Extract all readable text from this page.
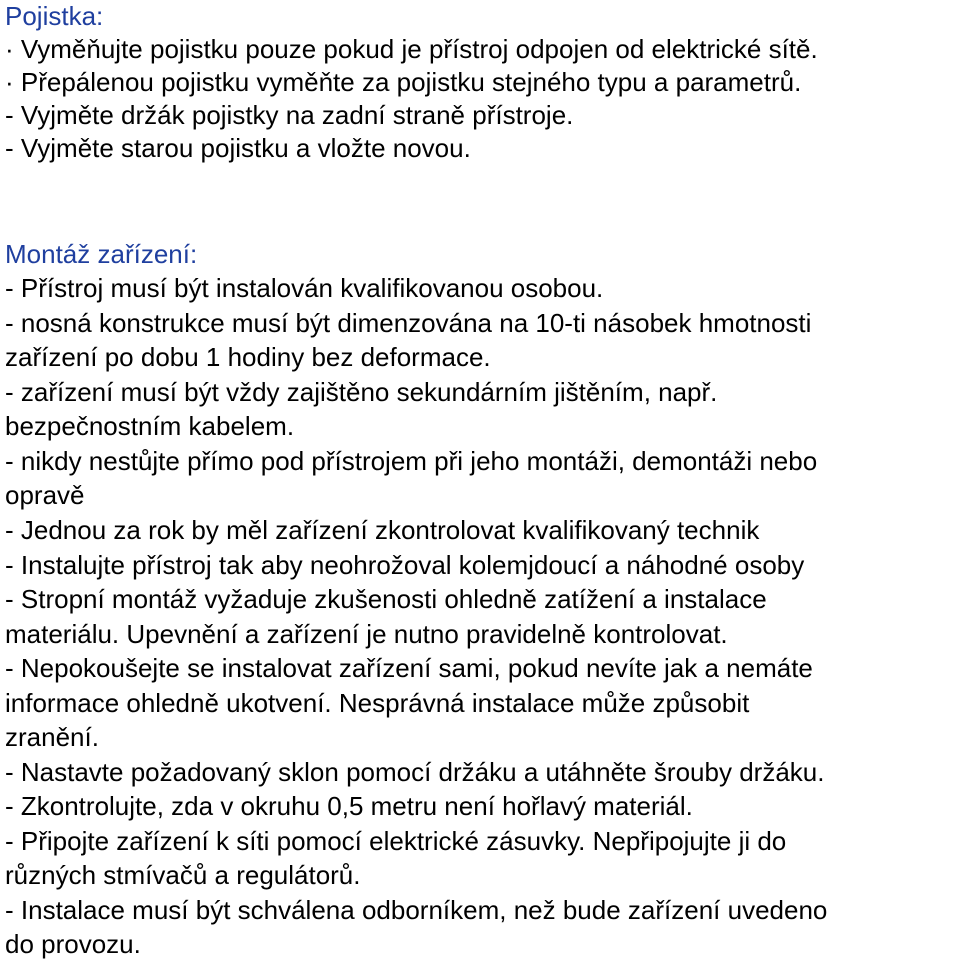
Pojistka:
· Vyměňujte pojistku pouze pokud je přístroj odpojen od elektrické sítě.
· Přepálenou pojistku vyměňte za pojistku stejného typu a parametrů.
- Vyjměte držák pojistky na zadní straně přístroje.
- Vyjměte starou pojistku a vložte novou.
Montáž zařízení:
- Přístroj musí být instalován kvalifikovanou osobou.
- nosná konstrukce musí být dimenzována na 10-ti násobek hmotnosti
zařízení po dobu 1 hodiny bez deformace.
- zařízení musí být vždy zajištěno sekundárním jištěním, např.
bezpečnostním kabelem.
- nikdy nestůjte přímo pod přístrojem při jeho montáži, demontáži nebo
opravě
- Jednou za rok by měl zařízení zkontrolovat kvalifikovaný technik
- Instalujte přístroj tak aby neohrožoval kolemjdoucí a náhodné osoby
- Stropní montáž vyžaduje zkušenosti ohledně zatížení a instalace
materiálu. Upevnění a zařízení je nutno pravidelně kontrolovat.
- Nepokoušejte se instalovat zařízení sami, pokud nevíte jak a nemáte
informace ohledně ukotvení. Nesprávná instalace může způsobit
zranění.
- Nastavte požadovaný sklon pomocí držáku a utáhněte šrouby držáku.
- Zkontrolujte, zda v okruhu 0,5 metru není hořlavý materiál.
- Připojte zařízení k síti pomocí elektrické zásuvky. Nepřipojujte ji do
různých stmívačů a regulátorů.
- Instalace musí být schválena odborníkem, než bude zařízení uvedeno
do provozu.
